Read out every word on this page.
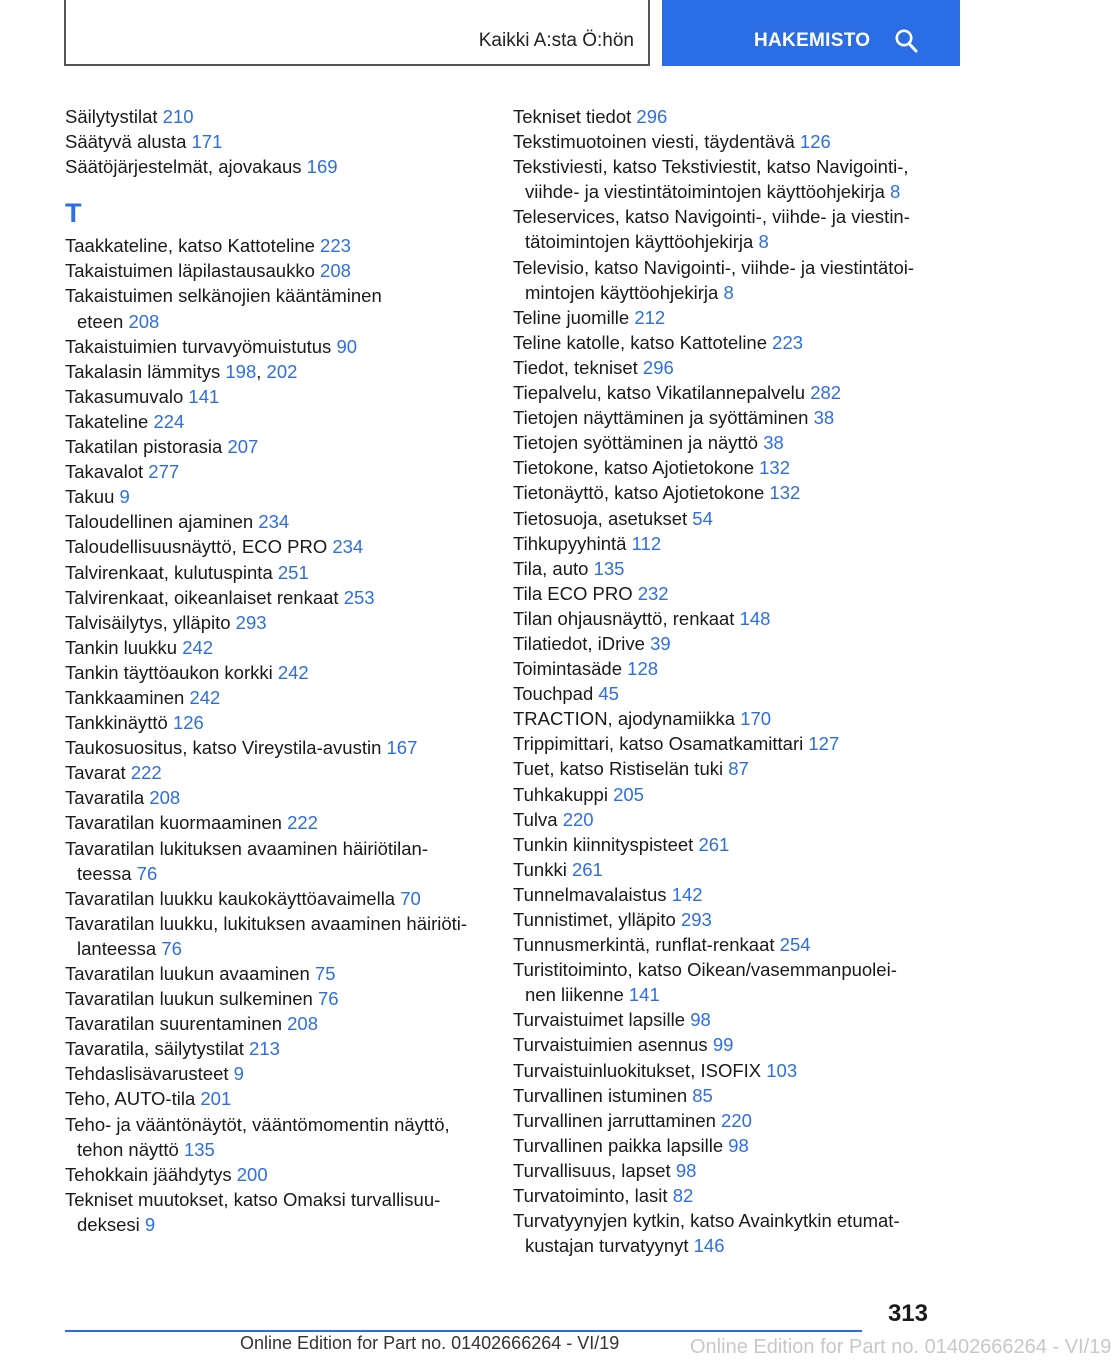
Kaikki A:sta Ö:hön	HAKEMISTO
Säilytystilat 210
Säätyvä alusta 171
Säätöjärjestelmät, ajovakaus 169
T
Taakkateline, katso Kattoteline 223
Takaistuimen läpilastausaukko 208
Takaistuimen selkänojien kääntäminen
eteen 208
Takaistuimien turvavyömuistutus 90
Takalasin lämmitys 198, 202
Takasumuvalo 141
Takateline 224
Takatilan pistorasia 207
Takavalot 277
Takuu 9
Taloudellinen ajaminen 234
Taloudellisuusnäyttö, ECO PRO 234
Talvirenkaat, kulutuspinta 251
Talvirenkaat, oikeanlaiset renkaat 253
Talvisäilytys, ylläpito 293
Tankin luukku 242
Tankin täyttöaukon korkki 242
Tankkaaminen 242
Tankkinäyttö 126
Taukosuositus, katso Vireystila-avustin 167
Tavarat 222
Tavaratila 208
Tavaratilan kuormaaminen 222
Tavaratilan lukituksen avaaminen häiriötilan-
teessa 76
Tavaratilan luukku kaukokäyttöavaimella 70
Tavaratilan luukku, lukituksen avaaminen häiriöti-
lanteessa 76
Tavaratilan luukun avaaminen 75
Tavaratilan luukun sulkeminen 76
Tavaratilan suurentaminen 208
Tavaratila, säilytystilat 213
Tehdaslisävarusteet 9
Teho, AUTO-tila 201
Teho- ja vääntönäytöt, vääntömomentin näyttö,
tehon näyttö 135
Tehokkain jäähdytys 200
Tekniset muutokset, katso Omaksi turvallisuu-
deksesi 9
Tekniset tiedot 296
Tekstimuotoinen viesti, täydentävä 126
Tekstiviesti, katso Tekstiviestit, katso Navigointi-,
viihde- ja viestintätoimintojen käyttöohjekirja 8
Teleservices, katso Navigointi-, viihde- ja viestin-
tätoimintojen käyttöohjekirja 8
Televisio, katso Navigointi-, viihde- ja viestintätoi-
mintojen käyttöohjekirja 8
Teline juomille 212
Teline katolle, katso Kattoteline 223
Tiedot, tekniset 296
Tiepalvelu, katso Vikatilannepalvelu 282
Tietojen näyttäminen ja syöttäminen 38
Tietojen syöttäminen ja näyttö 38
Tietokone, katso Ajotietokone 132
Tietonäyttö, katso Ajotietokone 132
Tietosuoja, asetukset 54
Tihkupyyhintä 112
Tila, auto 135
Tila ECO PRO 232
Tilan ohjausnäyttö, renkaat 148
Tilatiedot, iDrive 39
Toimintasäde 128
Touchpad 45
TRACTION, ajodynamiikka 170
Trippimittari, katso Osamatkamittari 127
Tuet, katso Ristiselän tuki 87
Tuhkakuppi 205
Tulva 220
Tunkin kiinnityspisteet 261
Tunkki 261
Tunnelmavalaistus 142
Tunnistimet, ylläpito 293
Tunnusmerkintä, runflat-renkaat 254
Turistitoiminto, katso Oikean/vasemmanpuolei-
nen liikenne 141
Turvaistuimet lapsille 98
Turvaistuimien asennus 99
Turvaistuinluokitukset, ISOFIX 103
Turvallinen istuminen 85
Turvallinen jarruttaminen 220
Turvallinen paikka lapsille 98
Turvallisuus, lapset 98
Turvatoiminto, lasit 82
Turvatyynyjen kytkin, katso Avainkytkin etumat-
kustajan turvatyynyt 146
313
Online Edition for Part no. 01402666264 - VI/19	Online Edition for Part no. 01402666264 - VI/19
